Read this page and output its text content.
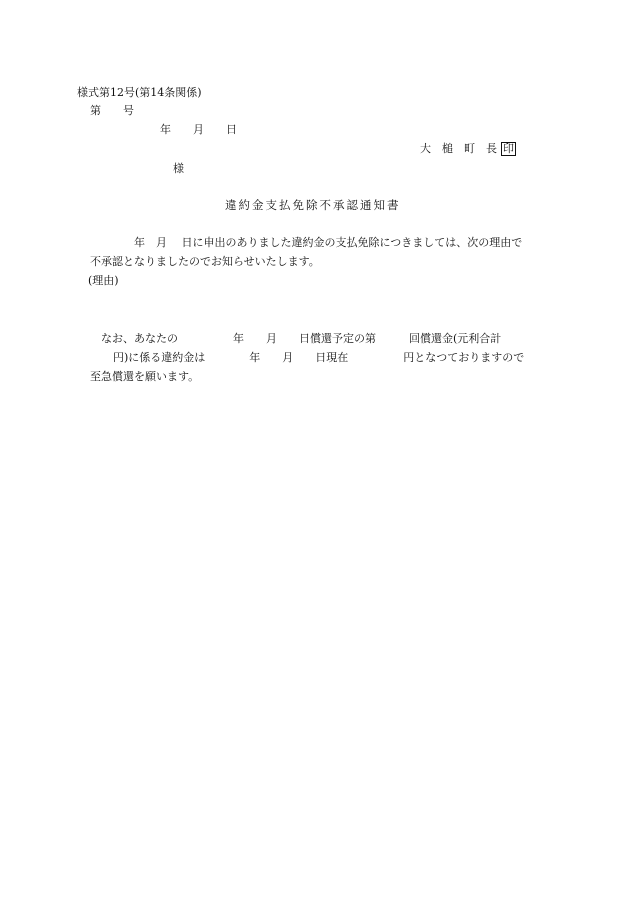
様式第12号(第14条関係)
第　　号
年　　月　　日
大　槌　町　長 印
様
違約金支払免除不承認通知書
年　月　 日に申出のありました違約金の支払免除につきましては、次の理由で
不承認となりましたのでお知らせいたします。
(理由)
なお、あなたの　　　　　年　　月　　日償還予定の第　　　回償還金(元利合計
円)に係る違約金は　　　　年　　月　　日現在　　　　　円となつておりますので
至急償還を願います。
